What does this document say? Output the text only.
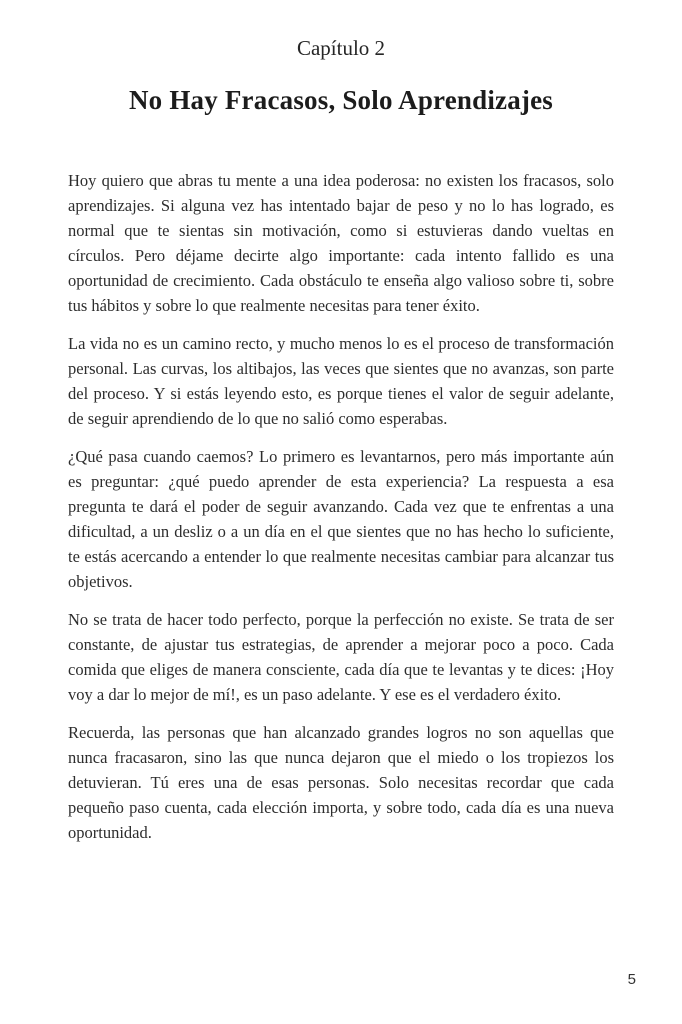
Capítulo 2
No Hay Fracasos, Solo Aprendizajes

Hoy quiero que abras tu mente a una idea poderosa: no existen los fracasos, solo aprendizajes. Si alguna vez has intentado bajar de peso y no lo has logrado, es normal que te sientas sin motivación, como si estuvieras dando vueltas en círculos. Pero déjame decirte algo importante: cada intento fallido es una oportunidad de crecimiento. Cada obstáculo te enseña algo valioso sobre ti, sobre tus hábitos y sobre lo que realmente necesitas para tener éxito.

La vida no es un camino recto, y mucho menos lo es el proceso de transformación personal. Las curvas, los altibajos, las veces que sientes que no avanzas, son parte del proceso. Y si estás leyendo esto, es porque tienes el valor de seguir adelante, de seguir aprendiendo de lo que no salió como esperabas.

¿Qué pasa cuando caemos? Lo primero es levantarnos, pero más importante aún es preguntar: ¿qué puedo aprender de esta experiencia? La respuesta a esa pregunta te dará el poder de seguir avanzando. Cada vez que te enfrentas a una dificultad, a un desliz o a un día en el que sientes que no has hecho lo suficiente, te estás acercando a entender lo que realmente necesitas cambiar para alcanzar tus objetivos.

No se trata de hacer todo perfecto, porque la perfección no existe. Se trata de ser constante, de ajustar tus estrategias, de aprender a mejorar poco a poco. Cada comida que eliges de manera consciente, cada día que te levantas y te dices: ¡Hoy voy a dar lo mejor de mí!, es un paso adelante. Y ese es el verdadero éxito.

Recuerda, las personas que han alcanzado grandes logros no son aquellas que nunca fracasaron, sino las que nunca dejaron que el miedo o los tropiezos los detuvieran. Tú eres una de esas personas. Solo necesitas recordar que cada pequeño paso cuenta, cada elección importa, y sobre todo, cada día es una nueva oportunidad.

5
